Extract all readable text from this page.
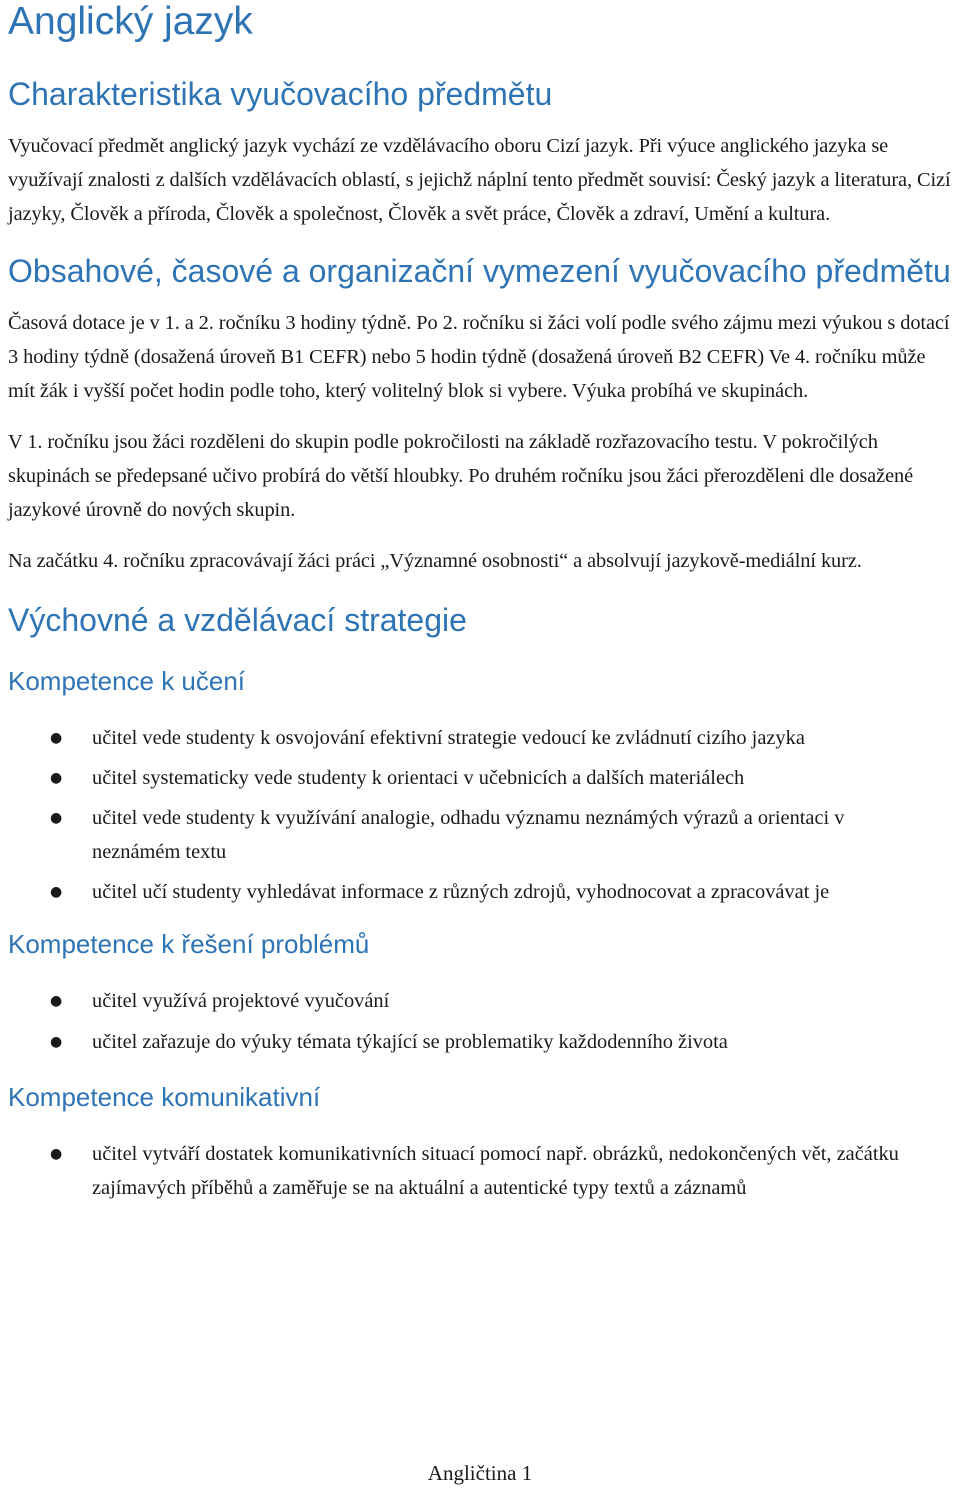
Anglický jazyk
Charakteristika vyučovacího předmětu

Vyučovací předmět anglický jazyk vychází ze vzdělávacího oboru Cizí jazyk. Při výuce anglického jazyka se využívají znalosti z dalších vzdělávacích oblastí, s jejichž náplní tento předmět souvisí: Český jazyk a literatura, Cizí jazyky, Člověk a příroda, Člověk a společnost, Člověk a svět práce, Člověk a zdraví, Umění a kultura.

Obsahové, časové a organizační vymezení vyučovacího předmětu

Časová dotace je v 1. a 2. ročníku 3 hodiny týdně. Po 2. ročníku si žáci volí podle svého zájmu mezi výukou s dotací 3 hodiny týdně (dosažená úroveň B1 CEFR) nebo 5 hodin týdně (dosažená úroveň B2 CEFR) Ve 4. ročníku může mít žák i vyšší počet hodin podle toho, který volitelný blok si vybere. Výuka probíhá ve skupinách.

V 1. ročníku jsou žáci rozděleni do skupin podle pokročilosti na základě rozřazovacího testu. V pokročilých skupinách se předepsané učivo probírá do větší hloubky. Po druhém ročníku jsou žáci přerozděleni dle dosažené jazykové úrovně do nových skupin.

Na začátku 4. ročníku zpracovávají žáci práci „Významné osobnosti“ a absolvují jazykově-mediální kurz.

Výchovné a vzdělávací strategie
Kompetence k učení
● učitel vede studenty k osvojování efektivní strategie vedoucí ke zvládnutí cizího jazyka
● učitel systematicky vede studenty k orientaci v učebnicích a dalších materiálech
● učitel vede studenty k využívání analogie, odhadu významu neznámých výrazů a orientaci v neznámém textu
● učitel učí studenty vyhledávat informace z různých zdrojů, vyhodnocovat a zpracovávat je
Kompetence k řešení problémů
● učitel využívá projektové vyučování
● učitel zařazuje do výuky témata týkající se problematiky každodenního života
Kompetence komunikativní
● učitel vytváří dostatek komunikativních situací pomocí např. obrázků, nedokončených vět, začátku zajímavých příběhů a zaměřuje se na aktuální a autentické typy textů a záznamů
Angličtina 1
